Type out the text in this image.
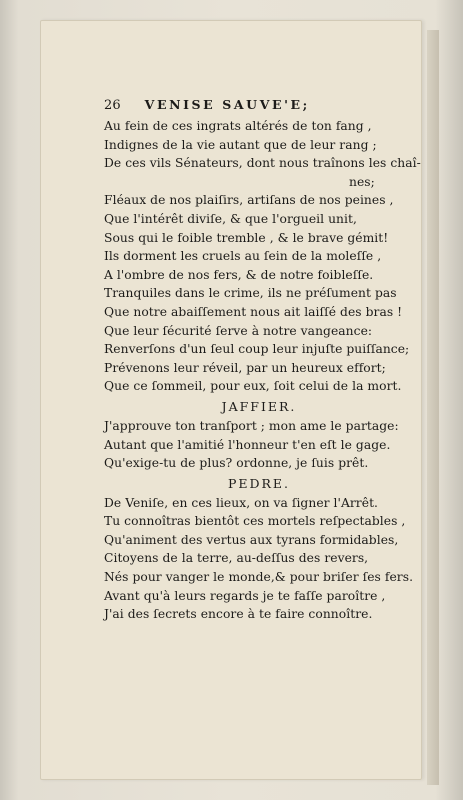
26 VENISE SAUVE'E;
Au fein de ces ingrats altérés de ton fang ,
Indignes de la vie autant que de leur rang ;
De ces vils Sénateurs, dont nous traînons les chaî-
nes;
Fléaux de nos plaiſirs, artiſans de nos peines ,
Que l'intérêt diviſe, & que l'orgueil unit,
Sous qui le foible tremble , & le brave gémit!
Ils dorment les cruels au ſein de la moleſſe ,
A l'ombre de nos fers, & de notre foibleſſe.
Tranquiles dans le crime, ils ne préſument pas
Que notre abaiſſement nous ait laiſſé des bras !
Que leur ſécurité ſerve à notre vangeance:
Renverſons d'un ſeul coup leur injuſte puiſſance;
Prévenons leur réveil, par un heureux effort;
Que ce ſommeil, pour eux, ſoit celui de la mort.
JAFFIER.
J'approuve ton tranſport ; mon ame le partage:
Autant que l'amitié l'honneur t'en eſt le gage.
Qu'exige-tu de plus? ordonne, je ſuis prêt.
PEDRE.
De Veniſe, en ces lieux, on va ſigner l'Arrêt.
Tu connoîtras bientôt ces mortels reſpectables ,
Qu'animent des vertus aux tyrans formidables,
Citoyens de la terre, au-deſſus des revers,
Nés pour vanger le monde,& pour briſer ſes fers.
Avant qu'à leurs regards je te faſſe paroître ,
J'ai des ſecrets encore à te faire connoître.
